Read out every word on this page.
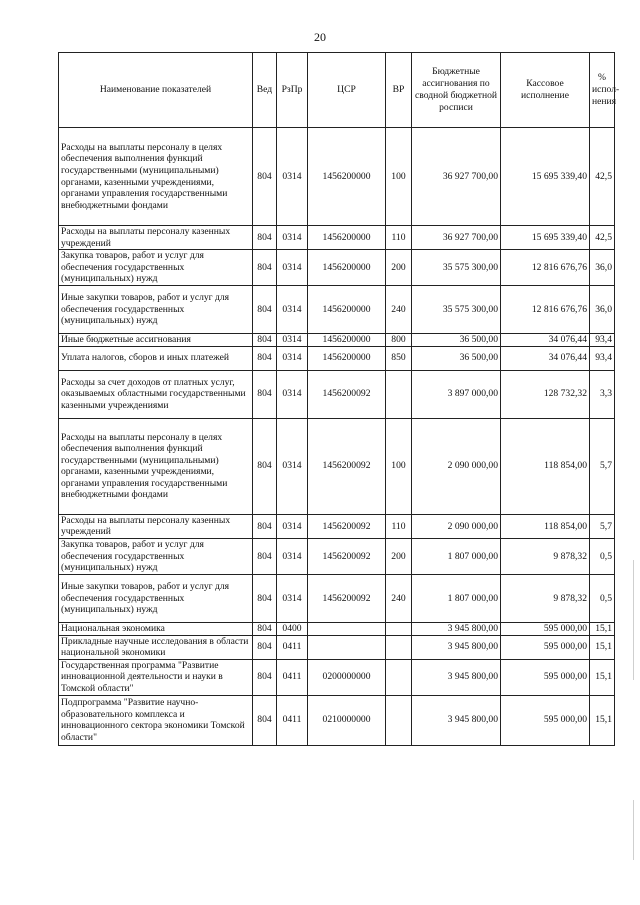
20
Наименование показателей	Вед	РзПр	ЦСР	ВР	Бюджетные ассигнования по сводной бюджетной росписи	Кассовое исполнение	% испол-нения
Расходы на выплаты персоналу в целях обеспечения выполнения функций государственными (муниципальными) органами, казенными учреждениями, органами управления государственными внебюджетными фондами	804	0314	1456200000	100	36 927 700,00	15 695 339,40	42,5
Расходы на выплаты персоналу казенных учреждений	804	0314	1456200000	110	36 927 700,00	15 695 339,40	42,5
Закупка товаров, работ и услуг для обеспечения государственных (муниципальных) нужд	804	0314	1456200000	200	35 575 300,00	12 816 676,76	36,0
Иные закупки товаров, работ и услуг для обеспечения государственных (муниципальных) нужд	804	0314	1456200000	240	35 575 300,00	12 816 676,76	36,0
Иные бюджетные ассигнования	804	0314	1456200000	800	36 500,00	34 076,44	93,4
Уплата налогов, сборов и иных платежей	804	0314	1456200000	850	36 500,00	34 076,44	93,4
Расходы за счет доходов от платных услуг, оказываемых областными государственными казенными учреждениями	804	0314	1456200092		3 897 000,00	128 732,32	3,3
Расходы на выплаты персоналу в целях обеспечения выполнения функций государственными (муниципальными) органами, казенными учреждениями, органами управления государственными внебюджетными фондами	804	0314	1456200092	100	2 090 000,00	118 854,00	5,7
Расходы на выплаты персоналу казенных учреждений	804	0314	1456200092	110	2 090 000,00	118 854,00	5,7
Закупка товаров, работ и услуг для обеспечения государственных (муниципальных) нужд	804	0314	1456200092	200	1 807 000,00	9 878,32	0,5
Иные закупки товаров, работ и услуг для обеспечения государственных (муниципальных) нужд	804	0314	1456200092	240	1 807 000,00	9 878,32	0,5
Национальная экономика	804	0400			3 945 800,00	595 000,00	15,1
Прикладные научные исследования в области национальной экономики	804	0411			3 945 800,00	595 000,00	15,1
Государственная программа "Развитие инновационной деятельности и науки в Томской области"	804	0411	0200000000		3 945 800,00	595 000,00	15,1
Подпрограмма "Развитие научно-образовательного комплекса и инновационного сектора экономики Томской области"	804	0411	0210000000		3 945 800,00	595 000,00	15,1
